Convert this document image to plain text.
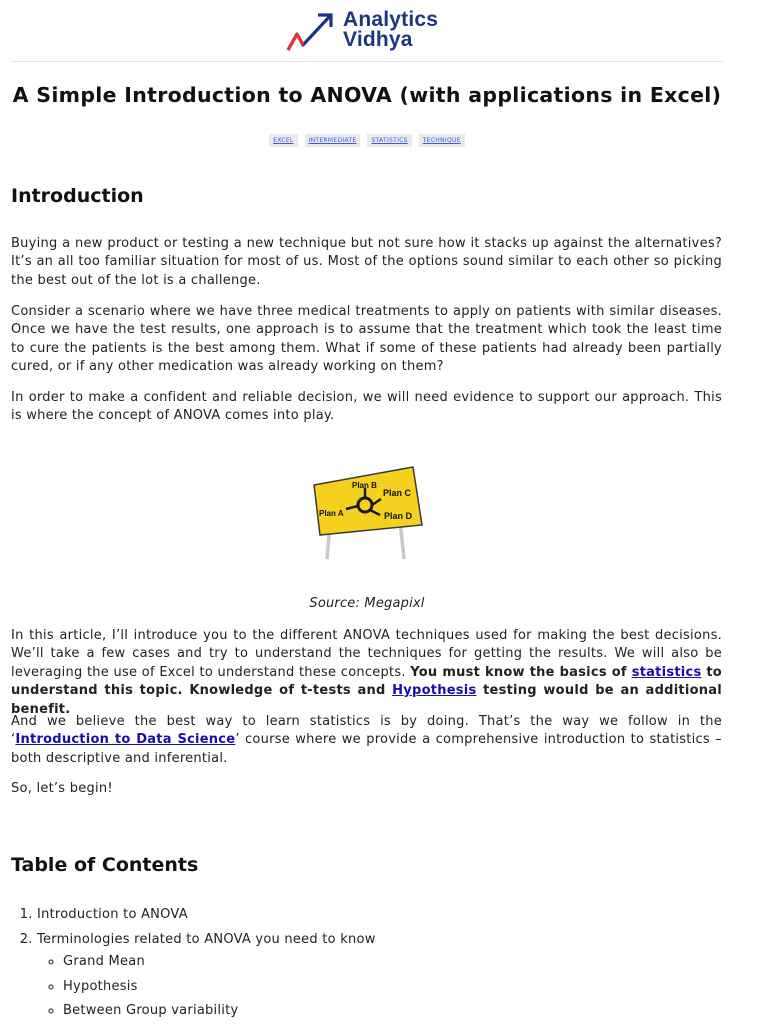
Analytics
Vidhya
A Simple Introduction to ANOVA (with applications in Excel)
EXCEL	INTERMEDIATE	STATISTICS	TECHNIQUE
Introduction

Buying a new product or testing a new technique but not sure how it stacks up against the alternatives? It’s an all too familiar situation for most of us. Most of the options sound similar to each other so picking the best out of the lot is a challenge.

Consider a scenario where we have three medical treatments to apply on patients with similar diseases. Once we have the test results, one approach is to assume that the treatment which took the least time to cure the patients is the best among them. What if some of these patients had already been partially cured, or if any other medication was already working on them?

In order to make a confident and reliable decision, we will need evidence to support our approach. This is where the concept of ANOVA comes into play.

Plan B
Plan C
Plan A	Plan D
Source: Megapixl

In this article, I’ll introduce you to the different ANOVA techniques used for making the best decisions. We’ll take a few cases and try to understand the techniques for getting the results. We will also be leveraging the use of Excel to understand these concepts. You must know the basics of statistics to understand this topic. Knowledge of t-tests and Hypothesis testing would be an additional benefit.

And we believe the best way to learn statistics is by doing. That’s the way we follow in the ‘Introduction to Data Science’ course where we provide a comprehensive introduction to statistics – both descriptive and inferential.

So, let’s begin!

Table of Contents
1. Introduction to ANOVA
2. Terminologies related to ANOVA you need to know
◦ Grand Mean
◦ Hypothesis
◦ Between Group variability
